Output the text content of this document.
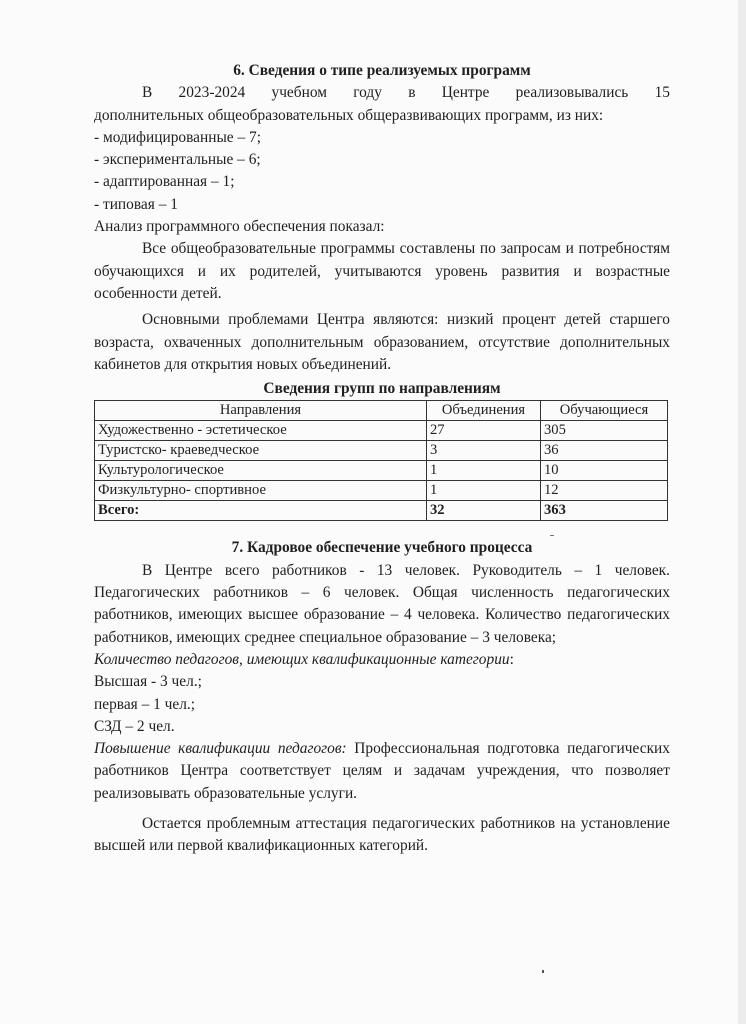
6. Сведения о типе реализуемых программ

В 2023-2024 учебном году в Центре реализовывались 15

дополнительных общеобразовательных общеразвивающих программ, из них:

- модифицированные – 7;

- экспериментальные – 6;

- адаптированная – 1;

- типовая – 1

Анализ программного обеспечения показал:

Все общеобразовательные программы составлены по запросам и потребностям обучающихся и их родителей, учитываются уровень развития и возрастные особенности детей.

Основными проблемами Центра являются: низкий процент детей старшего возраста, охваченных дополнительным образованием, отсутствие дополнительных кабинетов для открытия новых объединений.

Сведения групп по направлениям

Направления	Объединения	Обучающиеся
Художественно - эстетическое	27	305
Туристско- краеведческое	3	36
Культурологическое	1	10
Физкультурно- спортивное	1	12
Всего:	32	363

7. Кадровое обеспечение учебного процесса

В Центре всего работников - 13 человек. Руководитель – 1 человек. Педагогических работников – 6 человек. Общая численность педагогических работников, имеющих высшее образование – 4 человека. Количество педагогических работников, имеющих среднее специальное образование – 3 человека;

Количество педагогов, имеющих квалификационные категории:

Высшая - 3 чел.;

первая – 1 чел.;

СЗД – 2 чел.

Повышение квалификации педагогов: Профессиональная подготовка педагогических работников Центра соответствует целям и задачам учреждения, что позволяет реализовывать образовательные услуги.

Остается проблемным аттестация педагогических работников на установление высшей или первой квалификационных категорий.
